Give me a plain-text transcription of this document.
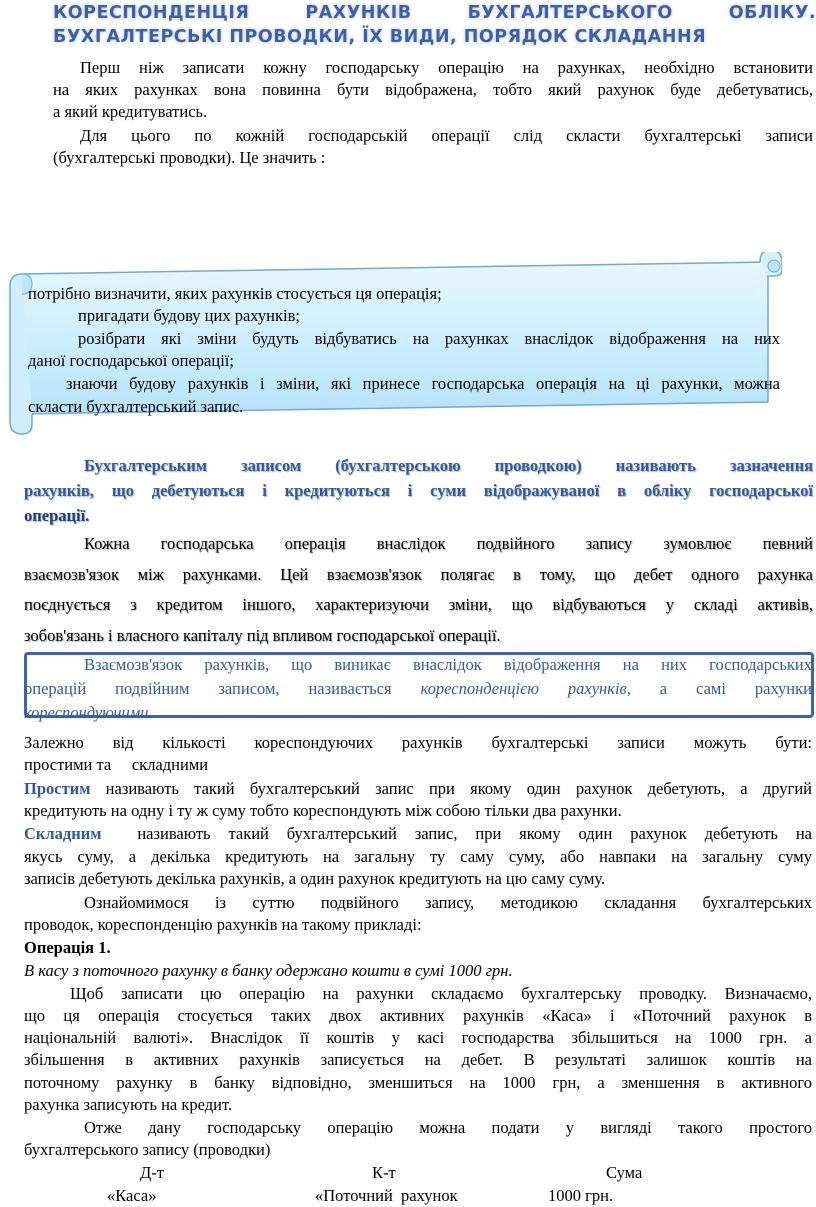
КОРЕСПОНДЕНЦІЯ РАХУНКІВ БУХГАЛТЕРСЬКОГО ОБЛІКУ.
БУХГАЛТЕРСЬКІ ПРОВОДКИ, ЇХ ВИДИ, ПОРЯДОК СКЛАДАННЯ
Перш ніж записати кожну господарську операцію на рахунках, необхідно встановити
на яких рахунках вона повинна бути відображена, тобто який рахунок буде дебетуватись,
а який кредитуватись.
Для цього по кожній господарській операції слід скласти бухгалтерські записи
(бухгалтерські проводки). Це значить :
потрібно визначити, яких рахунків стосується ця операція;
пригадати будову цих рахунків;
розібрати які зміни будуть відбуватись на рахунках внаслідок відображення на них
даної господарської операції;
знаючи будову рахунків і зміни, які принесе господарська операція на ці рахунки, можна
скласти бухгалтерський запис.
Бухгалтерським записом (бухгалтерською проводкою) називають зазначення
рахунків, що дебетуються і кредитуються і суми відображуваної в обліку господарської
операції.
Кожна господарська операція внаслідок подвійного запису зумовлює певний
взаємозв'язок між рахунками. Цей взаємозв'язок полягає в тому, що дебет одного рахунка
поєднується з кредитом іншого, характеризуючи зміни, що відбуваються у складі активів,
зобов'язань і власного капіталу під впливом господарської операції.
Взаємозв'язок рахунків, що виникає внаслідок відображення на них господарських
операцій подвійним записом, називається кореспонденцією рахунків, а самі рахунки
кореспондуючими.
Залежно від кількості кореспондуючих рахунків бухгалтерські записи можуть бути:
простими та     складними
Простим називають такий бухгалтерський запис при якому один рахунок дебетують, а другий
кредитують на одну і ту ж суму тобто кореспондують між собою тільки два рахунки.
Складним  називають такий бухгалтерський запис, при якому один рахунок дебетують на
якусь суму, а декілька кредитують на загальну ту саму суму, або навпаки на загальну суму
записів дебетують декілька рахунків, а один рахунок кредитують на цю саму суму.
Ознайомимося із суттю подвійного запису, методикою складання бухгалтерських
проводок, кореспонденцію рахунків на такому прикладі:
Операція 1.
В касу з поточного рахунку в банку одержано кошти в сумі 1000 грн.
Щоб записати цю операцію на рахунки складаємо бухгалтерську проводку. Визначаємо,
що ця операція стосується таких двох активних рахунків «Каса» і «Поточний рахунок в
національній валюті». Внаслідок її коштів у касі господарства збільшиться на 1000 грн. а
збільшення в активних рахунків записується на дебет. В результаті залишок коштів на
поточному рахунку в банку відповідно, зменшиться на 1000 грн, а зменшення в активного
рахунка записують на кредит.
Отже дану господарську операцію можна подати у вигляді такого простого
бухгалтерського запису (проводки)
Д-т	К-т	Сума
«Каса»	«Поточний  рахунок	1000 грн.
